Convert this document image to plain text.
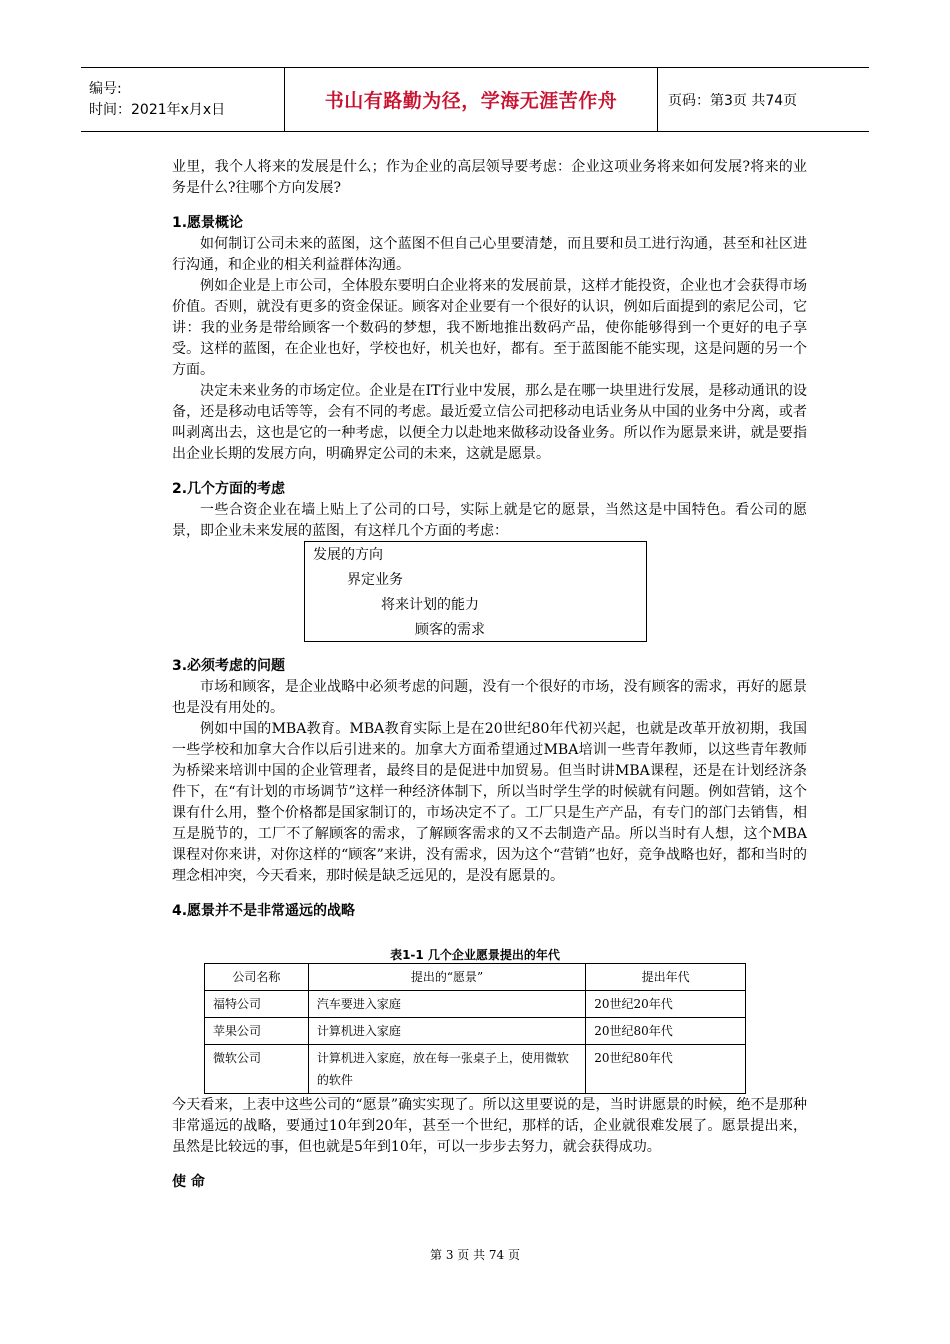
编号:
时间：2021年x月x日	书山有路勤为径，学海无涯苦作舟	页码：第3页 共74页

业里，我个人将来的发展是什么；作为企业的高层领导要考虑：企业这项业务将来如何发展?将来的业务是什么?往哪个方向发展?

1.愿景概论

如何制订公司未来的蓝图，这个蓝图不但自己心里要清楚，而且要和员工进行沟通，甚至和社区进行沟通，和企业的相关利益群体沟通。

例如企业是上市公司，全体股东要明白企业将来的发展前景，这样才能投资，企业也才会获得市场价值。否则，就没有更多的资金保证。顾客对企业要有一个很好的认识，例如后面提到的索尼公司，它讲：我的业务是带给顾客一个数码的梦想，我不断地推出数码产品，使你能够得到一个更好的电子享受。这样的蓝图，在企业也好，学校也好，机关也好，都有。至于蓝图能不能实现，这是问题的另一个方面。

决定未来业务的市场定位。企业是在IT行业中发展，那么是在哪一块里进行发展，是移动通讯的设备，还是移动电话等等，会有不同的考虑。最近爱立信公司把移动电话业务从中国的业务中分离，或者叫剥离出去，这也是它的一种考虑，以便全力以赴地来做移动设备业务。所以作为愿景来讲，就是要指出企业长期的发展方向，明确界定公司的未来，这就是愿景。

2.几个方面的考虑

一些合资企业在墙上贴上了公司的口号，实际上就是它的愿景，当然这是中国特色。看公司的愿景，即企业未来发展的蓝图，有这样几个方面的考虑：

发展的方向
界定业务
将来计划的能力
顾客的需求
3.必须考虑的问题

市场和顾客，是企业战略中必须考虑的问题，没有一个很好的市场，没有顾客的需求，再好的愿景也是没有用处的。

例如中国的MBA教育。MBA教育实际上是在20世纪80年代初兴起，也就是改革开放初期，我国一些学校和加拿大合作以后引进来的。加拿大方面希望通过MBA培训一些青年教师，以这些青年教师为桥梁来培训中国的企业管理者，最终目的是促进中加贸易。但当时讲MBA课程，还是在计划经济条件下，在“有计划的市场调节”这样一种经济体制下，所以当时学生学的时候就有问题。例如营销，这个课有什么用，整个价格都是国家制订的，市场决定不了。工厂只是生产产品，有专门的部门去销售，相互是脱节的，工厂不了解顾客的需求，了解顾客需求的又不去制造产品。所以当时有人想，这个MBA课程对你来讲，对你这样的“顾客”来讲，没有需求，因为这个“营销”也好，竞争战略也好，都和当时的理念相冲突，今天看来，那时候是缺乏远见的，是没有愿景的。

4.愿景并不是非常遥远的战略
表1-1 几个企业愿景提出的年代
公司名称	提出的“愿景”	提出年代
福特公司	汽车要进入家庭	20世纪20年代
苹果公司	计算机进入家庭	20世纪80年代
微软公司	计算机进入家庭，放在每一张桌子上，使用微软的软件	20世纪80年代

今天看来，上表中这些公司的“愿景”确实实现了。所以这里要说的是，当时讲愿景的时候，绝不是那种非常遥远的战略，要通过10年到20年，甚至一个世纪，那样的话，企业就很难发展了。愿景提出来，虽然是比较远的事，但也就是5年到10年，可以一步步去努力，就会获得成功。

使 命
第 3 页 共 74 页
